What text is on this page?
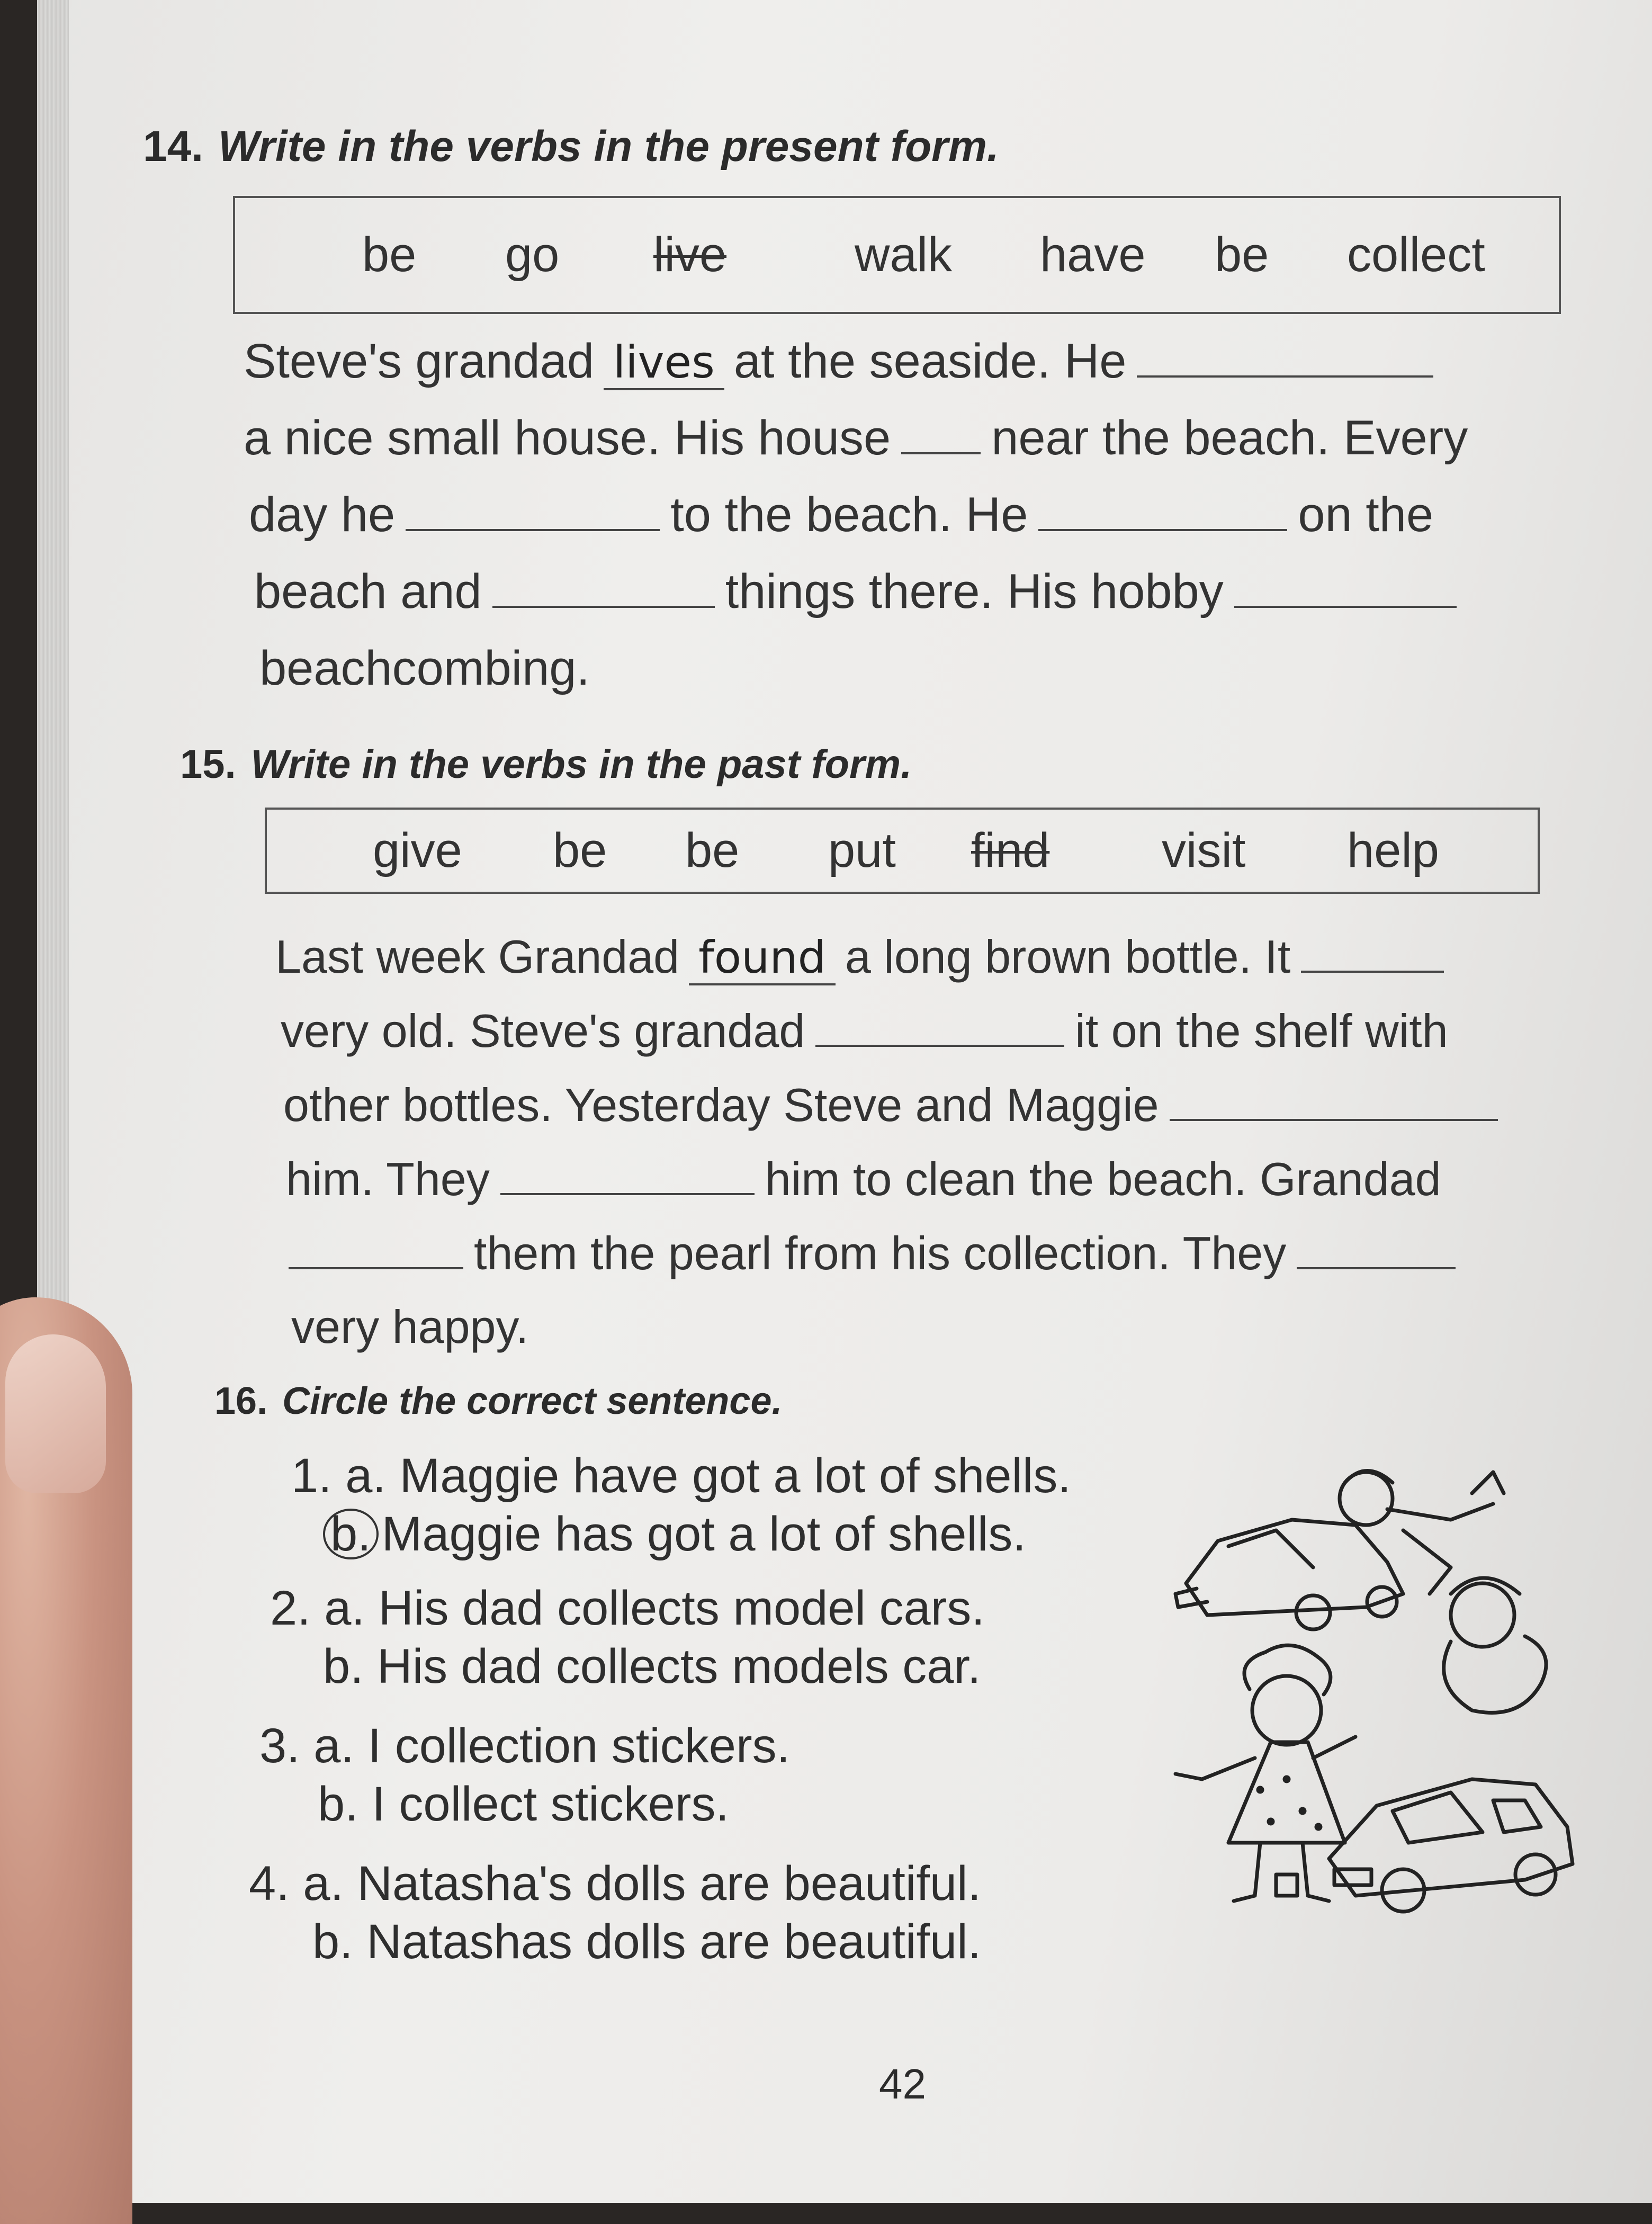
14. Write in the verbs in the present form.
be go live	walk have be collect
Steve's grandad lives at the seaside. He
a nice small house. His house near the beach. Every
day he	to the beach. He	on the
beach and	things there. His hobby
beachcombing.
15. Write in the verbs in the past form.
give be be put find visit help
Last week Grandad found a long brown bottle. It
very old. Steve's grandad	it on the shelf with
other bottles. Yesterday Steve and Maggie
him. They	him to clean the beach. Grandad
them the pearl from his collection. They
very happy.
16. Circle the correct sentence.
1. a. Maggie have got a lot of shells.
b. Maggie has got a lot of shells.
2. a. His dad collects model cars.
b. His dad collects models car.
3. a. I collection stickers.
b. I collect stickers.
4. a. Natasha's dolls are beautiful.
b. Natashas dolls are beautiful.
42
